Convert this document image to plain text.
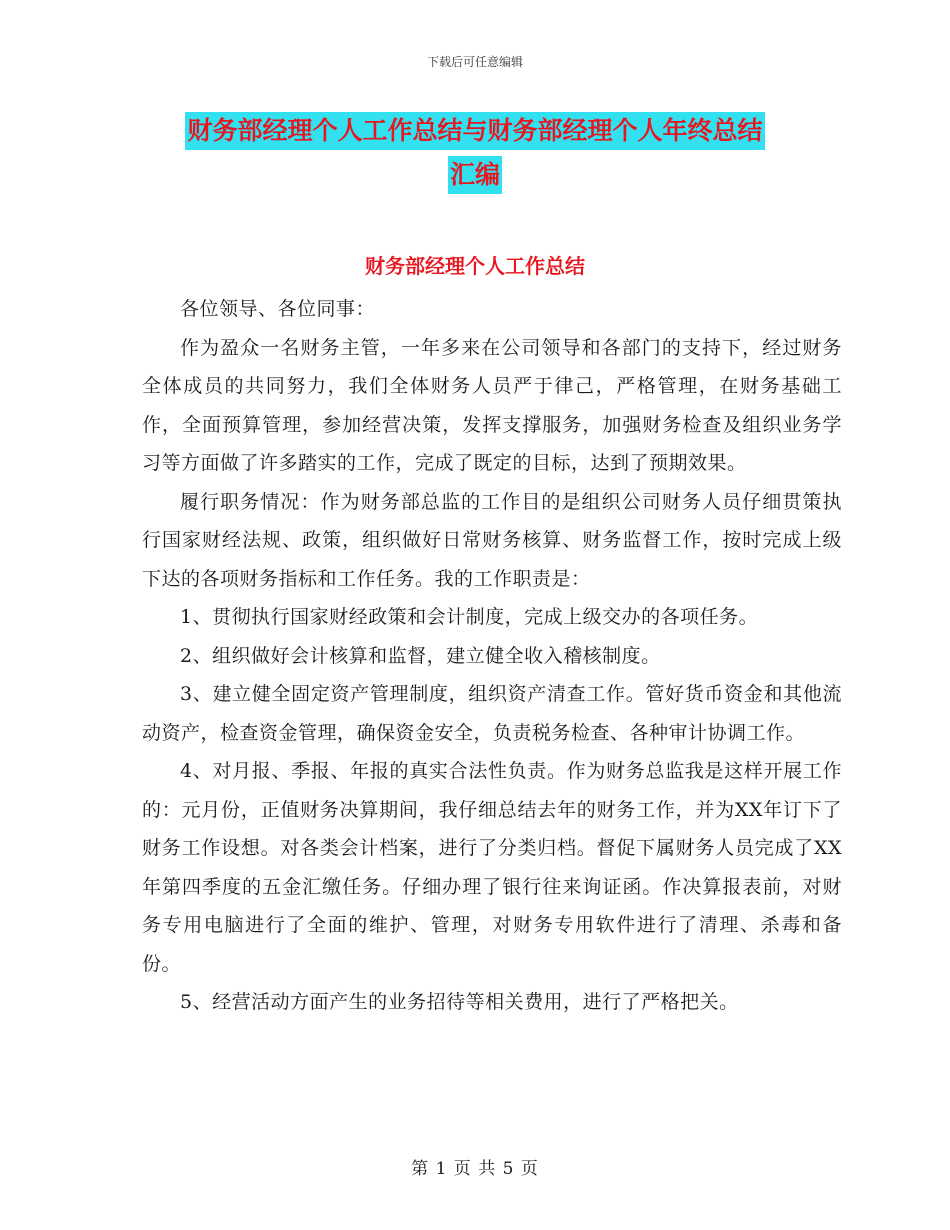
下载后可任意编辑
财务部经理个人工作总结与财务部经理个人年终总结
汇编
财务部经理个人工作总结

各位领导、各位同事：

作为盈众一名财务主管，一年多来在公司领导和各部门的支持下，经过财务全体成员的共同努力，我们全体财务人员严于律己，严格管理，在财务基础工作，全面预算管理，参加经营决策，发挥支撑服务，加强财务检查及组织业务学习等方面做了许多踏实的工作，完成了既定的目标，达到了预期效果。

履行职务情况：作为财务部总监的工作目的是组织公司财务人员仔细贯策执行国家财经法规、政策，组织做好日常财务核算、财务监督工作，按时完成上级下达的各项财务指标和工作任务。我的工作职责是：

1、贯彻执行国家财经政策和会计制度，完成上级交办的各项任务。

2、组织做好会计核算和监督，建立健全收入稽核制度。

3、建立健全固定资产管理制度，组织资产清查工作。管好货币资金和其他流动资产，检查资金管理，确保资金安全，负责税务检查、各种审计协调工作。

4、对月报、季报、年报的真实合法性负责。作为财务总监我是这样开展工作的：元月份，正值财务决算期间，我仔细总结去年的财务工作，并为XX年订下了财务工作设想。对各类会计档案，进行了分类归档。督促下属财务人员完成了XX年第四季度的五金汇缴任务。仔细办理了银行往来询证函。作决算报表前，对财务专用电脑进行了全面的维护、管理，对财务专用软件进行了清理、杀毒和备份。

5、经营活动方面产生的业务招待等相关费用，进行了严格把关。

第 1 页 共 5 页
